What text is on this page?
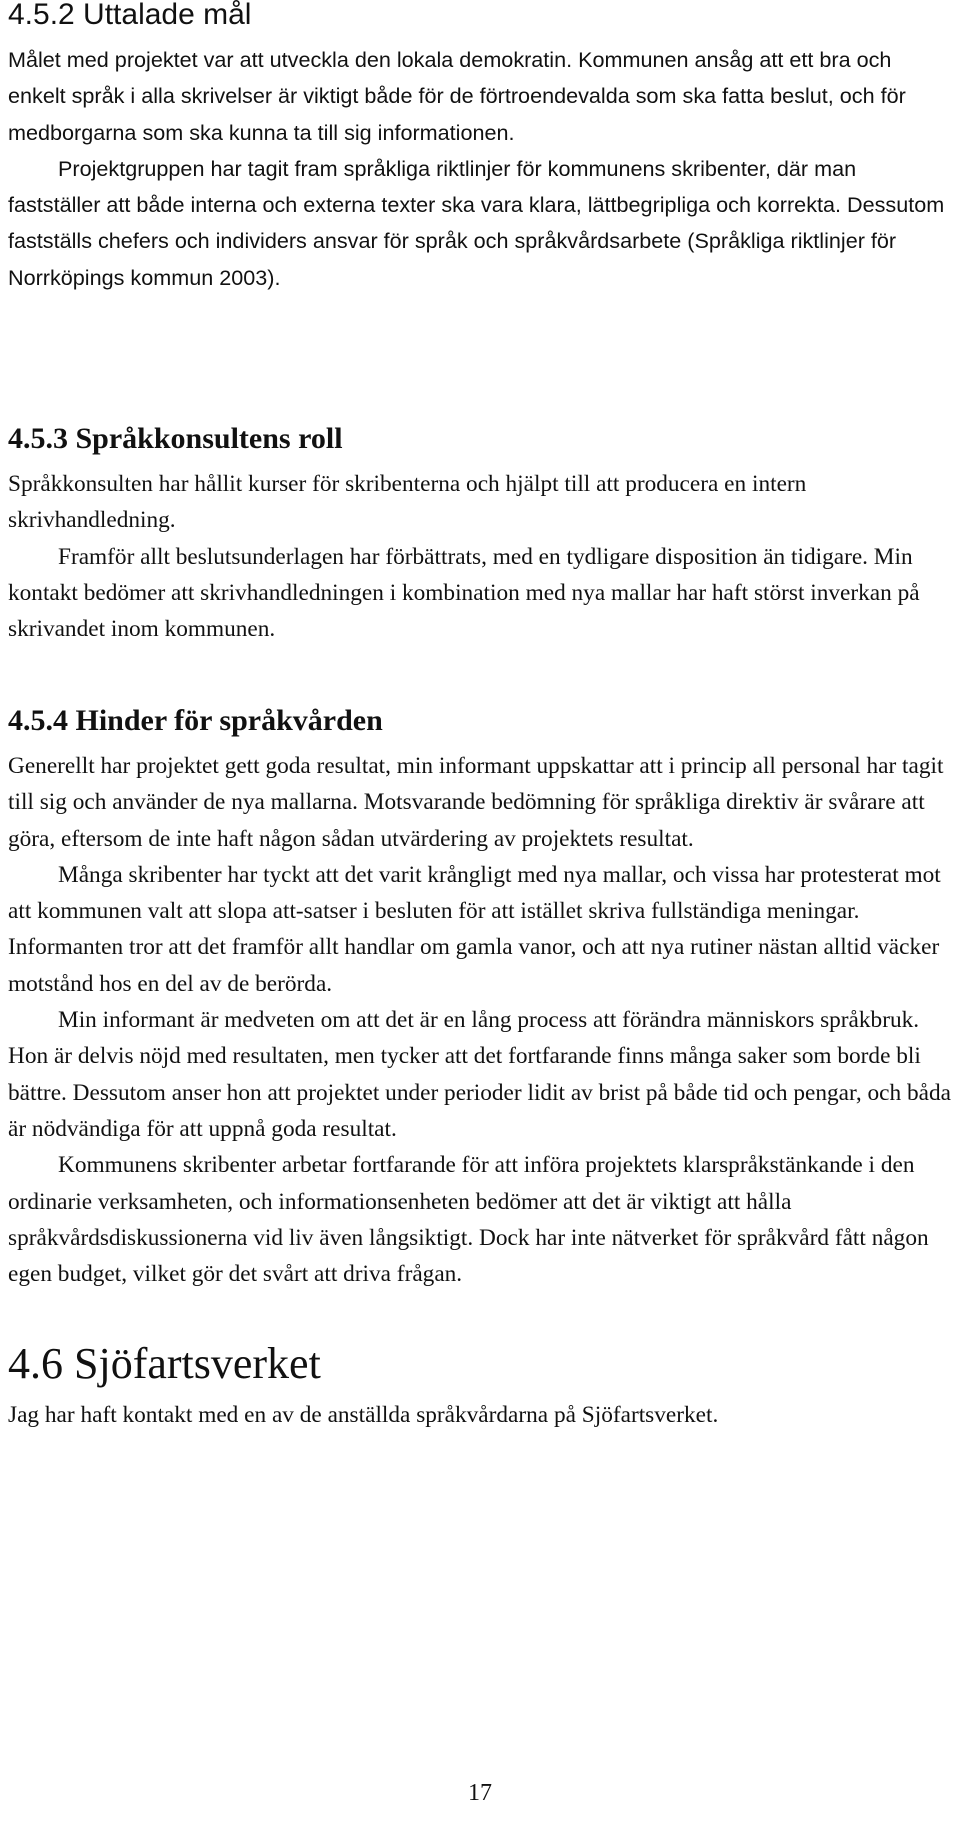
4.5.2 Uttalade mål

Målet med projektet var att utveckla den lokala demokratin. Kommunen ansåg att ett bra och enkelt språk i alla skrivelser är viktigt både för de förtroendevalda som ska fatta beslut, och för medborgarna som ska kunna ta till sig informationen.

Projektgruppen har tagit fram språkliga riktlinjer för kommunens skribenter, där man fastställer att både interna och externa texter ska vara klara, lättbegripliga och korrekta. Dessutom fastställs chefers och individers ansvar för språk och språkvårdsarbete (Språkliga riktlinjer för Norrköpings kommun 2003).

4.5.3 Språkkonsultens roll

Språkkonsulten har hållit kurser för skribenterna och hjälpt till att producera en intern skrivhandledning.

Framför allt beslutsunderlagen har förbättrats, med en tydligare disposition än tidigare. Min kontakt bedömer att skrivhandledningen i kombination med nya mallar har haft störst inverkan på skrivandet inom kommunen.

4.5.4 Hinder för språkvården

Generellt har projektet gett goda resultat, min informant uppskattar att i princip all personal har tagit till sig och använder de nya mallarna. Motsvarande bedömning för språkliga direktiv är svårare att göra, eftersom de inte haft någon sådan utvärdering av projektets resultat.

Många skribenter har tyckt att det varit krångligt med nya mallar, och vissa har protesterat mot att kommunen valt att slopa att-satser i besluten för att istället skriva fullständiga meningar. Informanten tror att det framför allt handlar om gamla vanor, och att nya rutiner nästan alltid väcker motstånd hos en del av de berörda.

Min informant är medveten om att det är en lång process att förändra människors språkbruk. Hon är delvis nöjd med resultaten, men tycker att det fortfarande finns många saker som borde bli bättre. Dessutom anser hon att projektet under perioder lidit av brist på både tid och pengar, och båda är nödvändiga för att uppnå goda resultat.

Kommunens skribenter arbetar fortfarande för att införa projektets klarspråkstänkande i den ordinarie verksamheten, och informationsenheten bedömer att det är viktigt att hålla språkvårdsdiskussionerna vid liv även långsiktigt. Dock har inte nätverket för språkvård fått någon egen budget, vilket gör det svårt att driva frågan.

4.6 Sjöfartsverket

Jag har haft kontakt med en av de anställda språkvårdarna på Sjöfartsverket.

17
